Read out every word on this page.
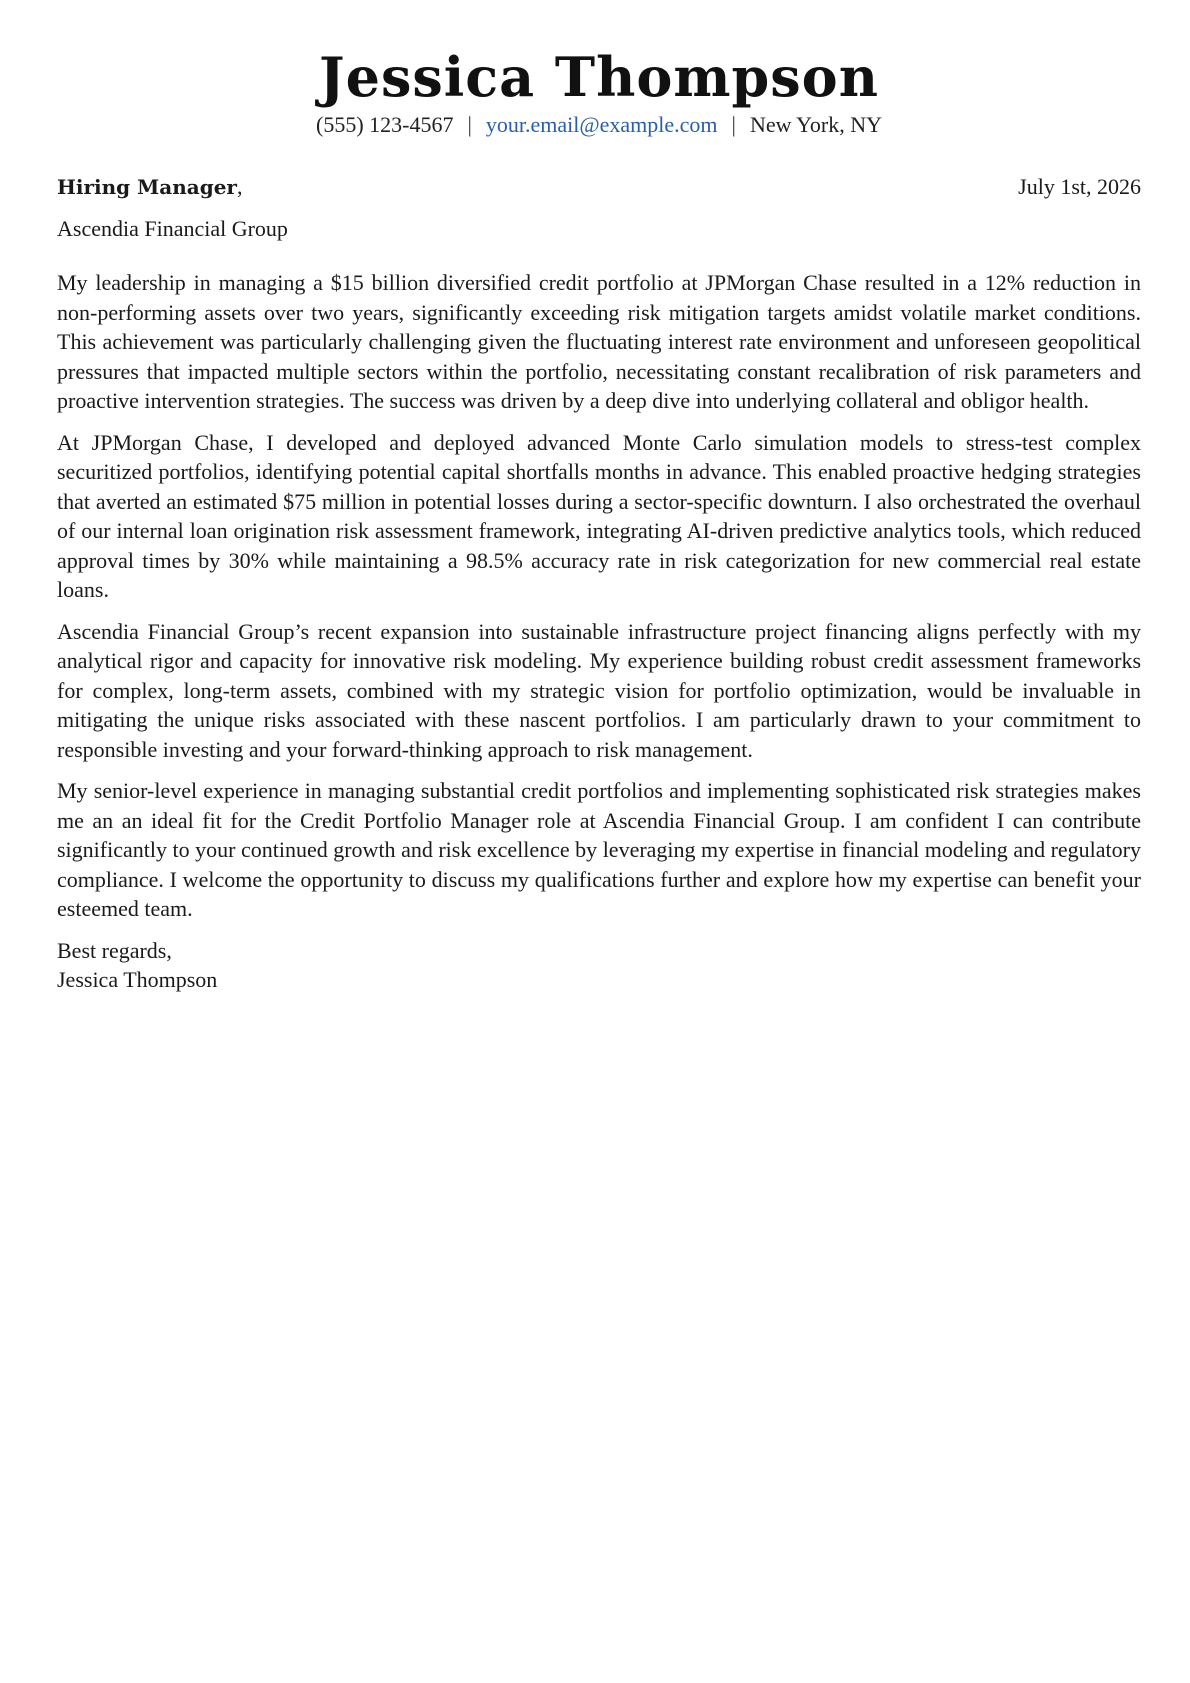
Jessica Thompson
(555) 123-4567 | your.email@example.com | New York, NY
Hiring Manager,	July 1st, 2026
Ascendia Financial Group

My leadership in managing a $15 billion diversified credit portfolio at JPMorgan Chase resulted in a 12% reduction in non-performing assets over two years, significantly exceeding risk mitigation targets amidst volatile market conditions. This achievement was particularly challenging given the fluctuating interest rate environment and unforeseen geopolitical pressures that impacted multiple sectors within the portfolio, necessitating constant recalibration of risk parameters and proactive intervention strategies. The success was driven by a deep dive into underlying collateral and obligor health.

At JPMorgan Chase, I developed and deployed advanced Monte Carlo simulation models to stress-test complex securitized portfolios, identifying potential capital shortfalls months in advance. This enabled proactive hedging strategies that averted an estimated $75 million in potential losses during a sector-specific downturn. I also orchestrated the overhaul of our internal loan origination risk assessment framework, integrating AI-driven predictive analytics tools, which reduced approval times by 30% while maintaining a 98.5% accuracy rate in risk categorization for new commercial real estate loans.

Ascendia Financial Group’s recent expansion into sustainable infrastructure project financing aligns perfectly with my analytical rigor and capacity for innovative risk modeling. My experience building robust credit assessment frameworks for complex, long-term assets, combined with my strategic vision for portfolio optimization, would be invaluable in mitigating the unique risks associated with these nascent portfolios. I am particularly drawn to your commitment to responsible investing and your forward-thinking approach to risk management.

My senior-level experience in managing substantial credit portfolios and implementing sophisticated risk strategies makes me an an ideal fit for the Credit Portfolio Manager role at Ascendia Financial Group. I am confident I can contribute significantly to your continued growth and risk excellence by leveraging my expertise in financial modeling and regulatory compliance. I welcome the opportunity to discuss my qualifications further and explore how my expertise can benefit your esteemed team.

Best regards,
Jessica Thompson
